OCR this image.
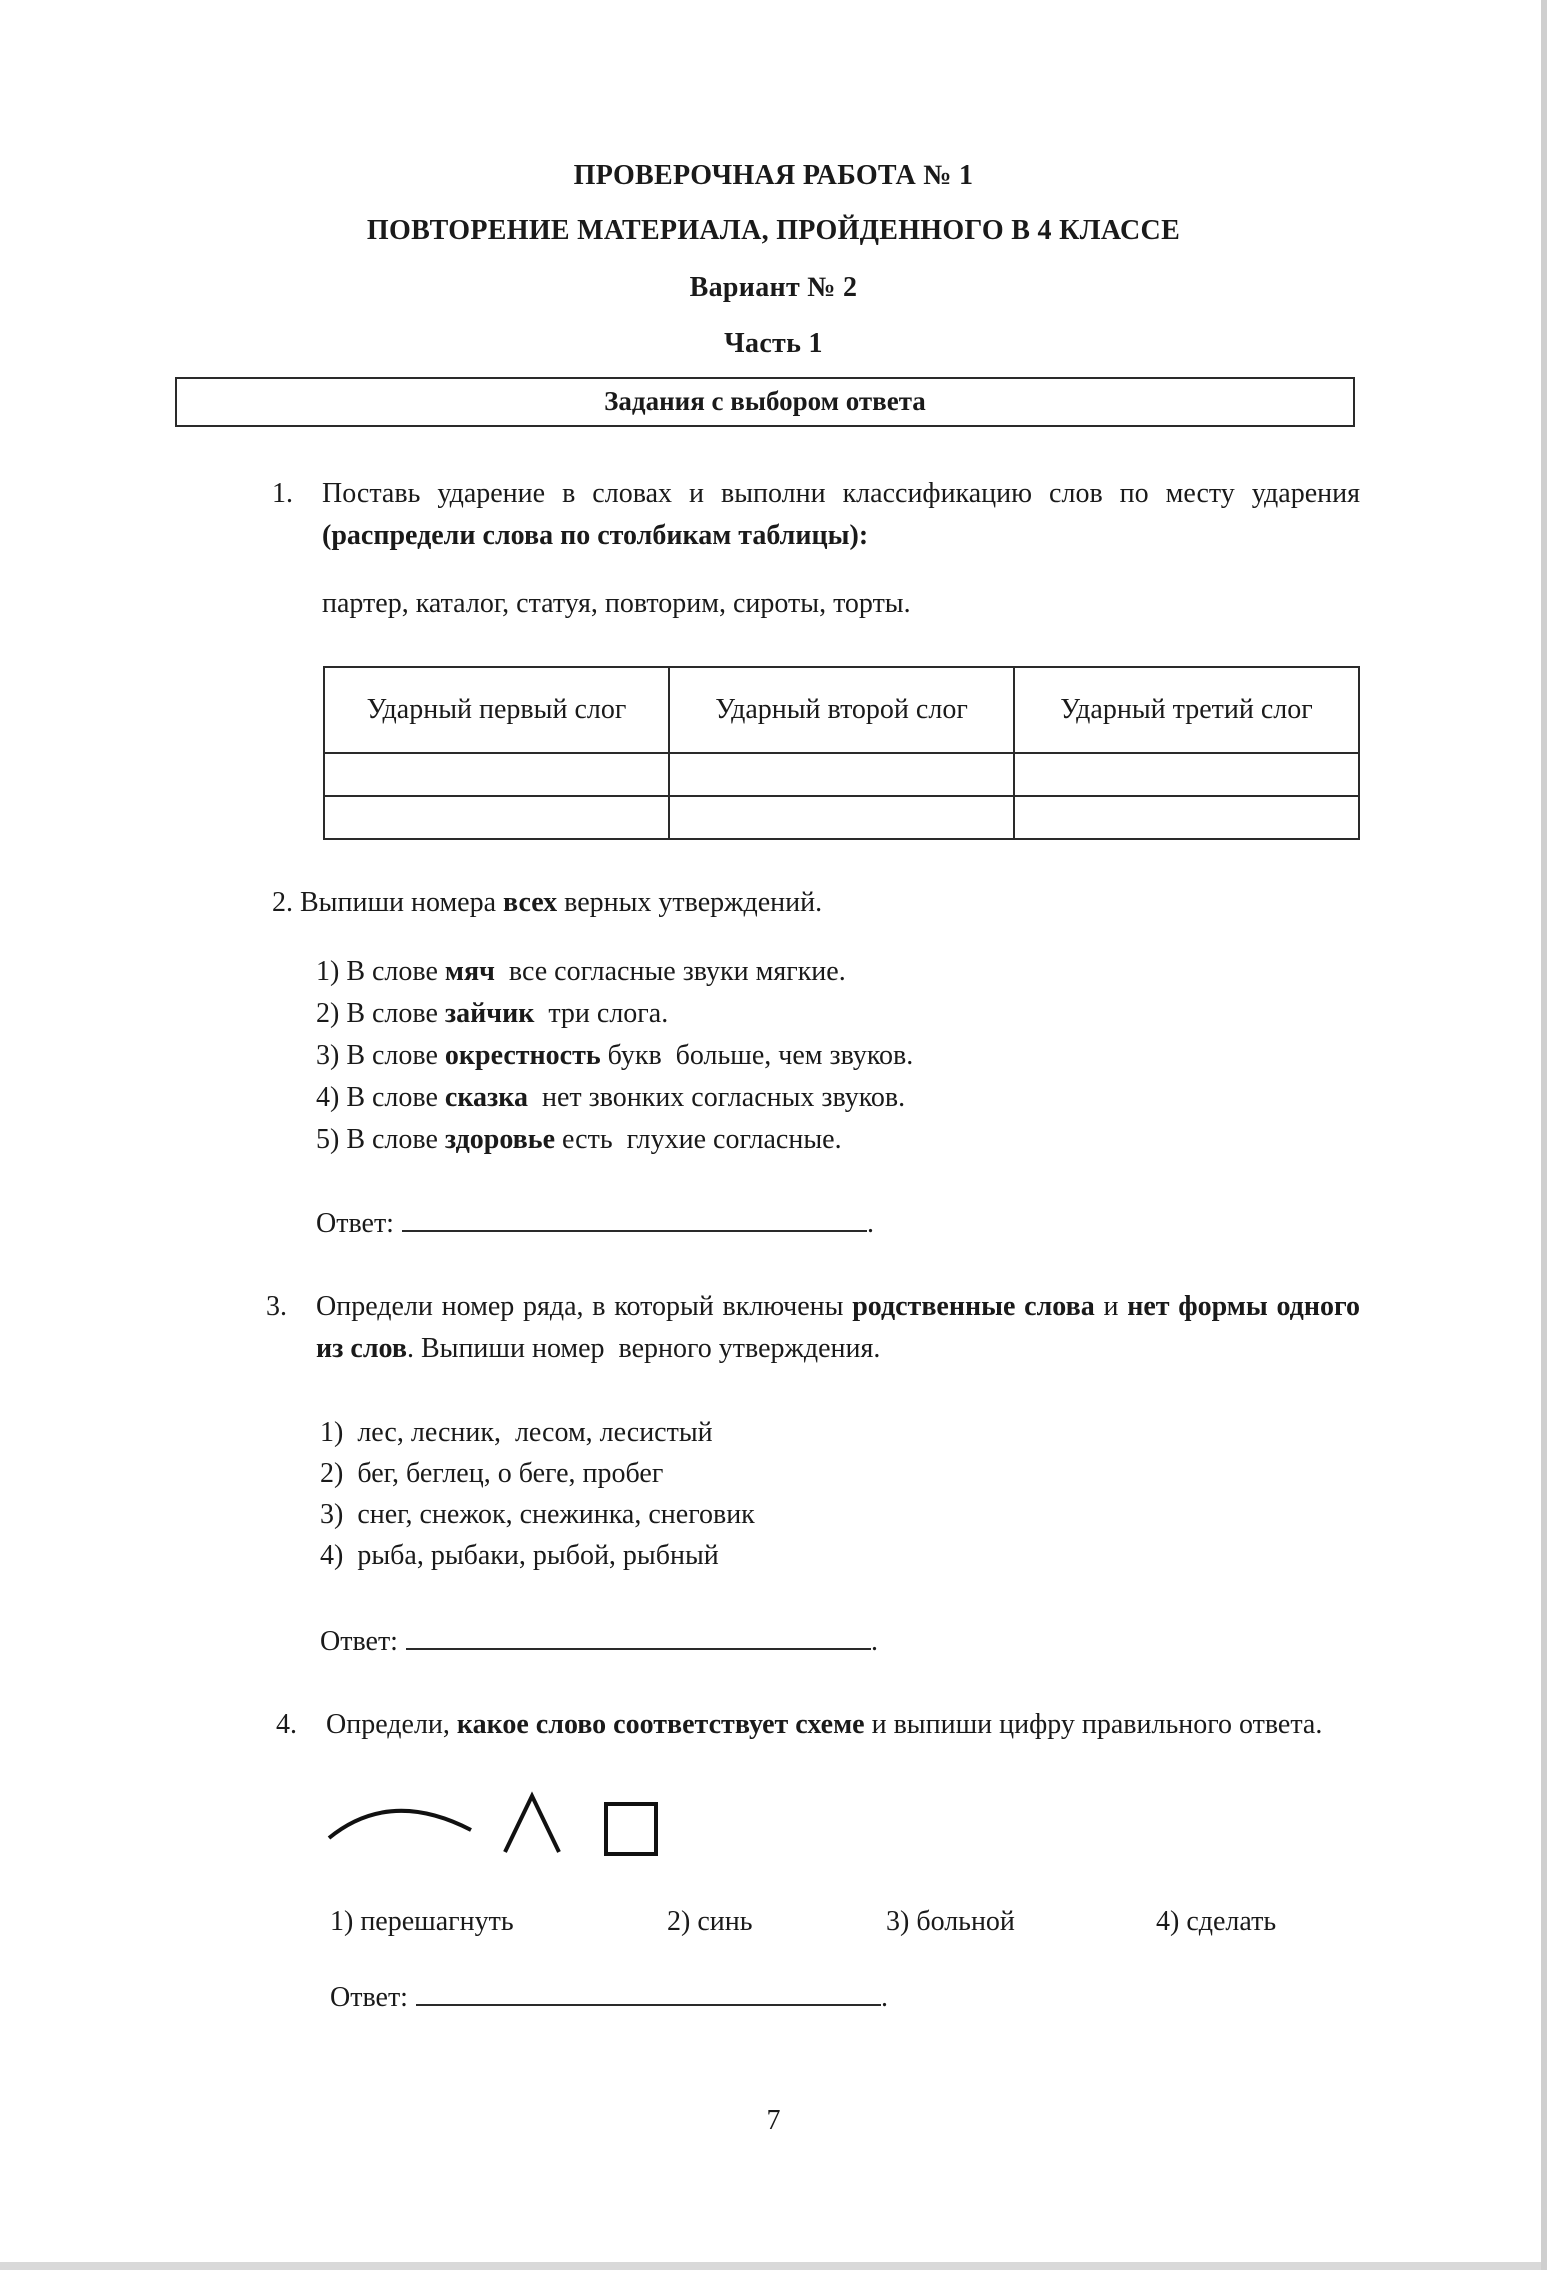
ПРОВЕРОЧНАЯ РАБОТА № 1
ПОВТОРЕНИЕ МАТЕРИАЛА, ПРОЙДЕННОГО В 4 КЛАССЕ
Вариант № 2
Часть 1
Задания с выбором ответа
1. Поставь ударение в словах и выполни классификацию слов по месту ударения (распредели слова по столбикам таблицы):
партер, каталог, статуя, повторим, сироты, торты.
Ударный первый слог	Ударный второй слог	Ударный третий слог

2. Выпиши номера всех верных утверждений.
1) В слове мяч  все согласные звуки мягкие.
2) В слове зайчик  три слога.
3) В слове окрестность букв  больше, чем звуков.
4) В слове сказка  нет звонких согласных звуков.
5) В слове здоровье есть  глухие согласные.
Ответ:	.
3. Определи номер ряда, в который включены родственные слова и нет формы одного из слов. Выпиши номер  верного утверждения.
1) лес, лесник,  лесом, лесистый
2) бег, беглец, о беге, пробег
3) снег, снежок, снежинка, снеговик
4) рыба, рыбаки, рыбой, рыбный
Ответ:	.
4. Определи, какое слово соответствует схеме и выпиши цифру правильного ответа.
1) перешагнуть	2) синь	3) больной	4) сделать
Ответ:	.
7
